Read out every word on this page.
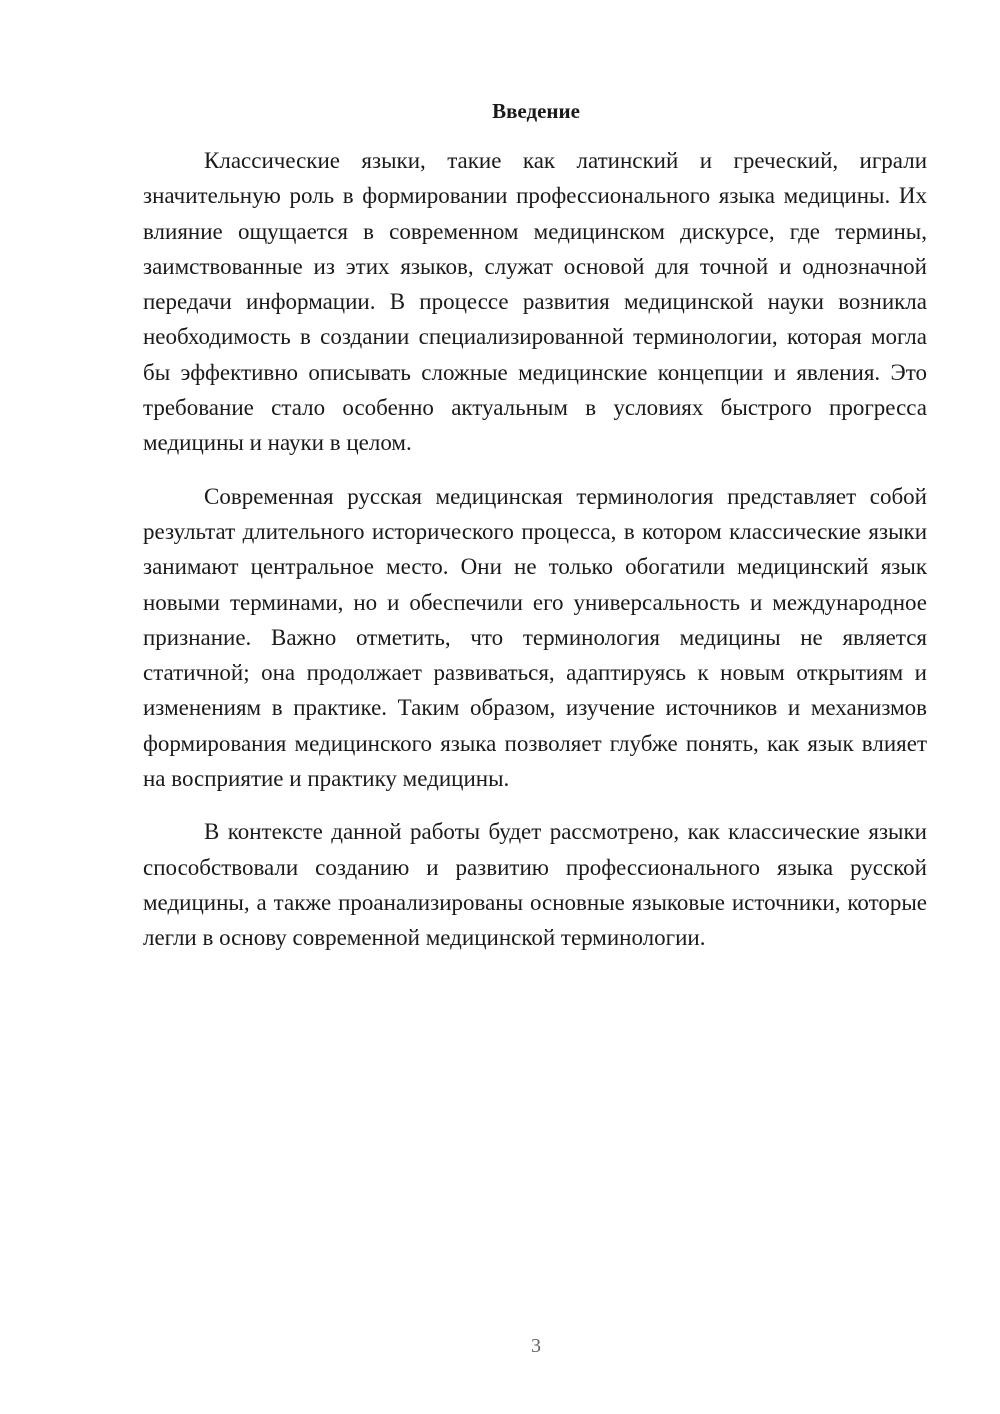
Введение

Классические языки, такие как латинский и греческий, играли значительную роль в формировании профессионального языка медицины. Их влияние ощущается в современном медицинском дискурсе, где термины, заимствованные из этих языков, служат основой для точной и однозначной передачи информации. В процессе развития медицинской науки возникла необходимость в создании специализированной терминологии, которая могла бы эффективно описывать сложные медицинские концепции и явления. Это требование стало особенно актуальным в условиях быстрого прогресса медицины и науки в целом.

Современная русская медицинская терминология представляет собой результат длительного исторического процесса, в котором классические языки занимают центральное место. Они не только обогатили медицинский язык новыми терминами, но и обеспечили его универсальность и международное признание. Важно отметить, что терминология медицины не является статичной; она продолжает развиваться, адаптируясь к новым открытиям и изменениям в практике. Таким образом, изучение источников и механизмов формирования медицинского языка позволяет глубже понять, как язык влияет на восприятие и практику медицины.

В контексте данной работы будет рассмотрено, как классические языки способствовали созданию и развитию профессионального языка русской медицины, а также проанализированы основные языковые источники, которые легли в основу современной медицинской терминологии.

3
